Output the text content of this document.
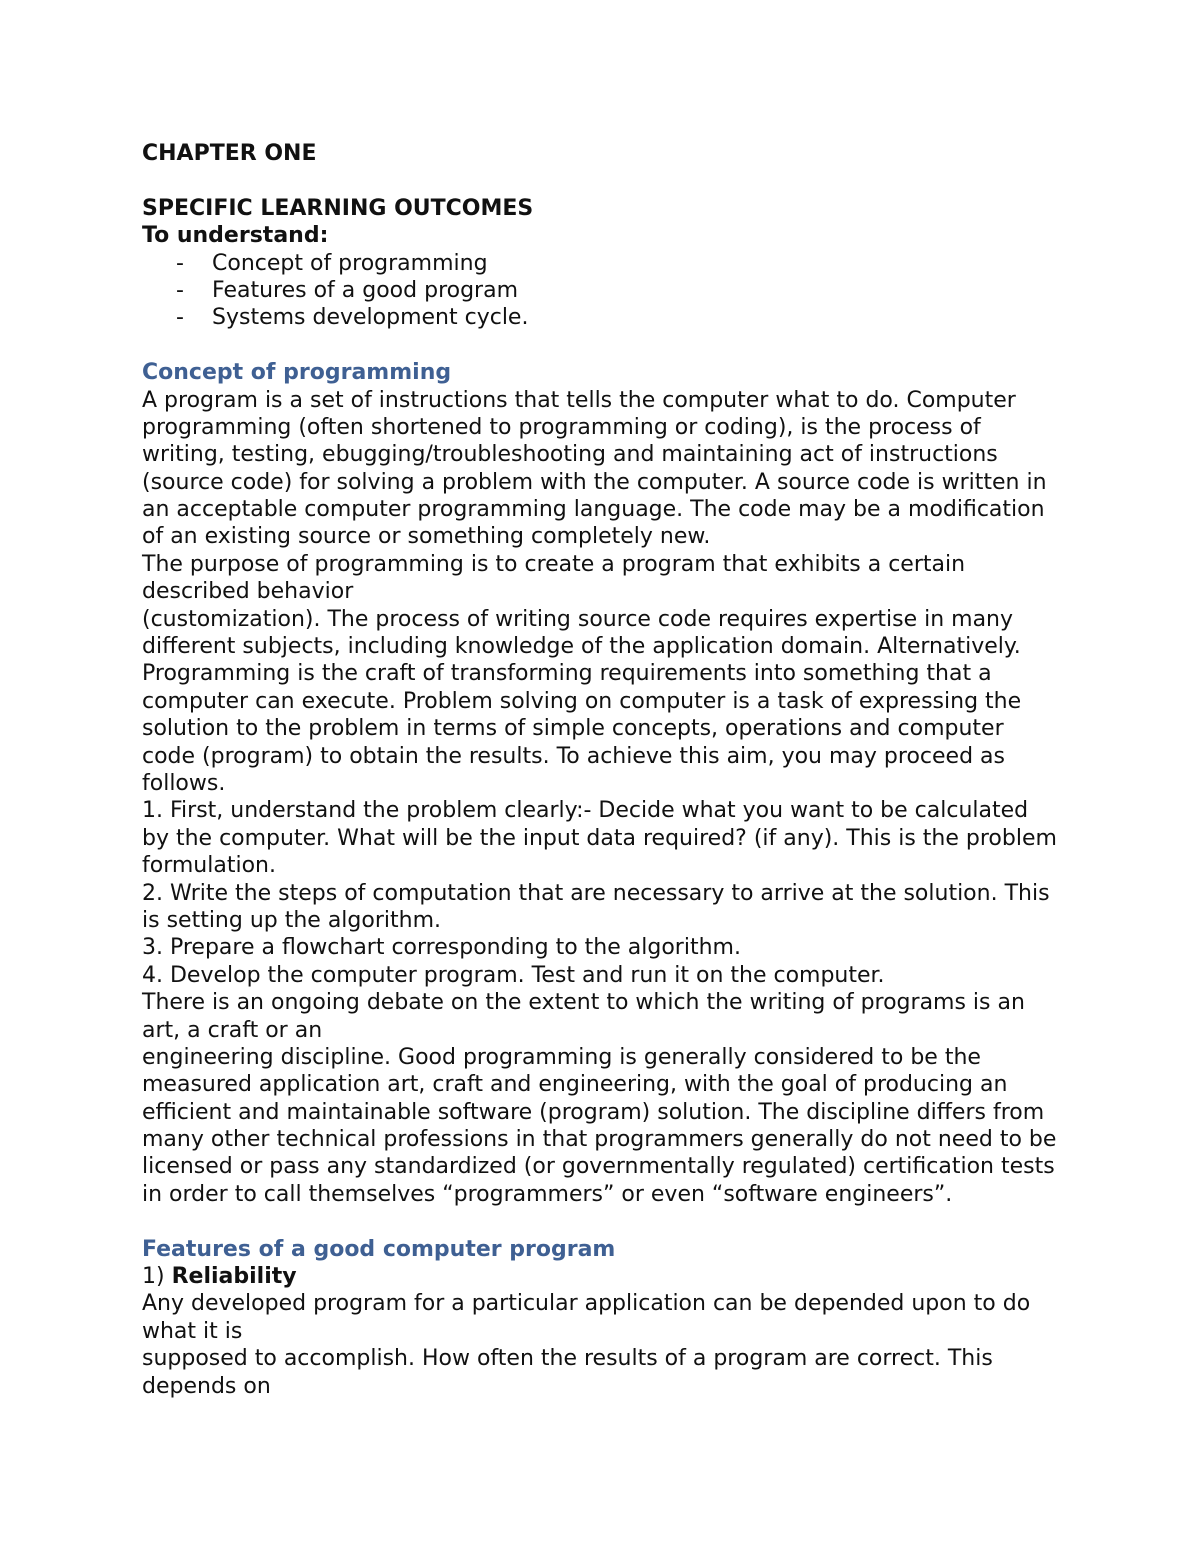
CHAPTER ONE
SPECIFIC LEARNING OUTCOMES
To understand:
- Concept of programming
- Features of a good program
- Systems development cycle.
Concept of programming
A program is a set of instructions that tells the computer what to do. Computer
programming (often shortened to programming or coding), is the process of
writing, testing, ebugging/troubleshooting and maintaining act of instructions
(source code) for solving a problem with the computer. A source code is written in
an acceptable computer programming language. The code may be a modification
of an existing source or something completely new.
The purpose of programming is to create a program that exhibits a certain
described behavior
(customization). The process of writing source code requires expertise in many
different subjects, including knowledge of the application domain. Alternatively.
Programming is the craft of transforming requirements into something that a
computer can execute. Problem solving on computer is a task of expressing the
solution to the problem in terms of simple concepts, operations and computer
code (program) to obtain the results. To achieve this aim, you may proceed as
follows.
1. First, understand the problem clearly:- Decide what you want to be calculated
by the computer. What will be the input data required? (if any). This is the problem
formulation.
2. Write the steps of computation that are necessary to arrive at the solution. This
is setting up the algorithm.
3. Prepare a flowchart corresponding to the algorithm.
4. Develop the computer program. Test and run it on the computer.
There is an ongoing debate on the extent to which the writing of programs is an
art, a craft or an
engineering discipline. Good programming is generally considered to be the
measured application art, craft and engineering, with the goal of producing an
efficient and maintainable software (program) solution. The discipline differs from
many other technical professions in that programmers generally do not need to be
licensed or pass any standardized (or governmentally regulated) certification tests
in order to call themselves “programmers” or even “software engineers”.
Features of a good computer program
1) Reliability
Any developed program for a particular application can be depended upon to do
what it is
supposed to accomplish. How often the results of a program are correct. This
depends on
